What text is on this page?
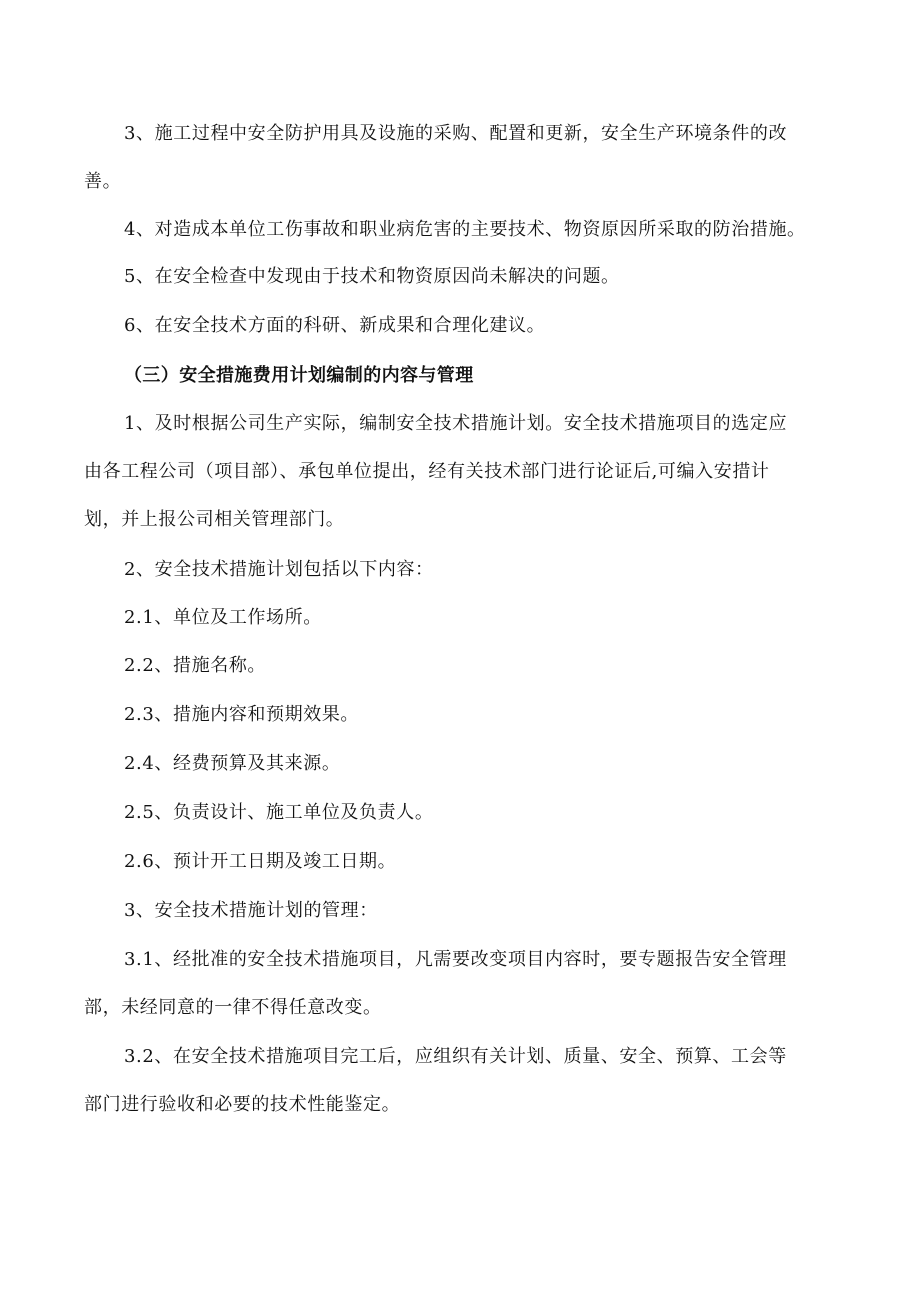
3、施工过程中安全防护用具及设施的采购、配置和更新，安全生产环境条件的改
善。
4、对造成本单位工伤事故和职业病危害的主要技术、物资原因所采取的防治措施。
5、在安全检查中发现由于技术和物资原因尚未解决的问题。
6、在安全技术方面的科研、新成果和合理化建议。
（三）安全措施费用计划编制的内容与管理
1、及时根据公司生产实际，编制安全技术措施计划。安全技术措施项目的选定应
由各工程公司（项目部）、承包单位提出，经有关技术部门进行论证后,可编入安措计
划，并上报公司相关管理部门。
2、安全技术措施计划包括以下内容：
2.1、单位及工作场所。
2.2、措施名称。
2.3、措施内容和预期效果。
2.4、经费预算及其来源。
2.5、负责设计、施工单位及负责人。
2.6、预计开工日期及竣工日期。
3、安全技术措施计划的管理：
3.1、经批准的安全技术措施项目，凡需要改变项目内容时，要专题报告安全管理
部，未经同意的一律不得任意改变。
3.2、在安全技术措施项目完工后，应组织有关计划、质量、安全、预算、工会等
部门进行验收和必要的技术性能鉴定。
